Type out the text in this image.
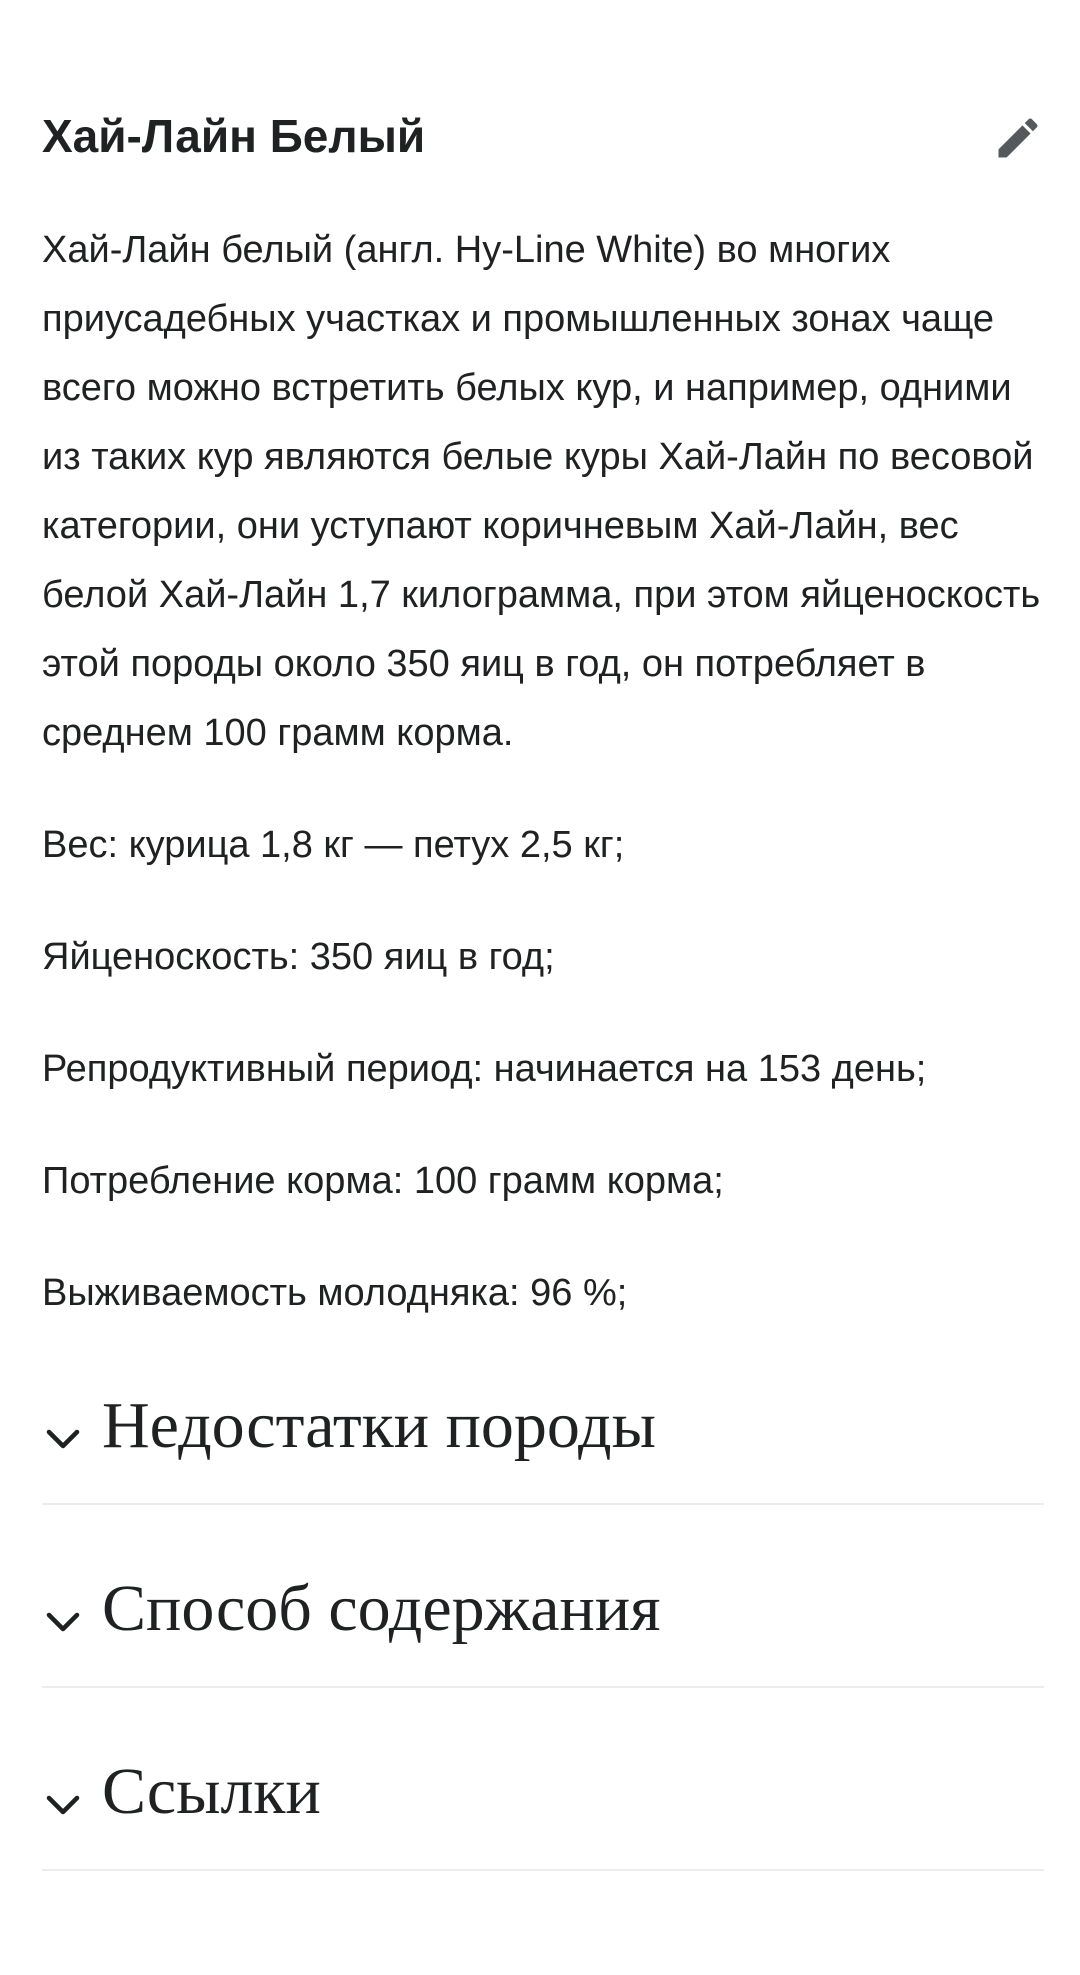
Хай-Лайн Белый

Хай-Лайн белый (англ. Hy-Line White) во многих приусадебных участках и промышленных зонах чаще всего можно встретить белых кур, и например, одними из таких кур являются белые куры Хай-Лайн по весовой категории, они уступают коричневым Хай-Лайн, вес белой Хай-Лайн 1,7 килограмма, при этом яйценоскость этой породы около 350 яиц в год, он потребляет в среднем 100 грамм корма.

Вес: курица 1,8 кг — петух 2,5 кг;

Яйценоскость: 350 яиц в год;

Репродуктивный период: начинается на 153 день;

Потребление корма: 100 грамм корма;

Выживаемость молодняка: 96 %;

Недостатки породы
Способ содержания
Ссылки
